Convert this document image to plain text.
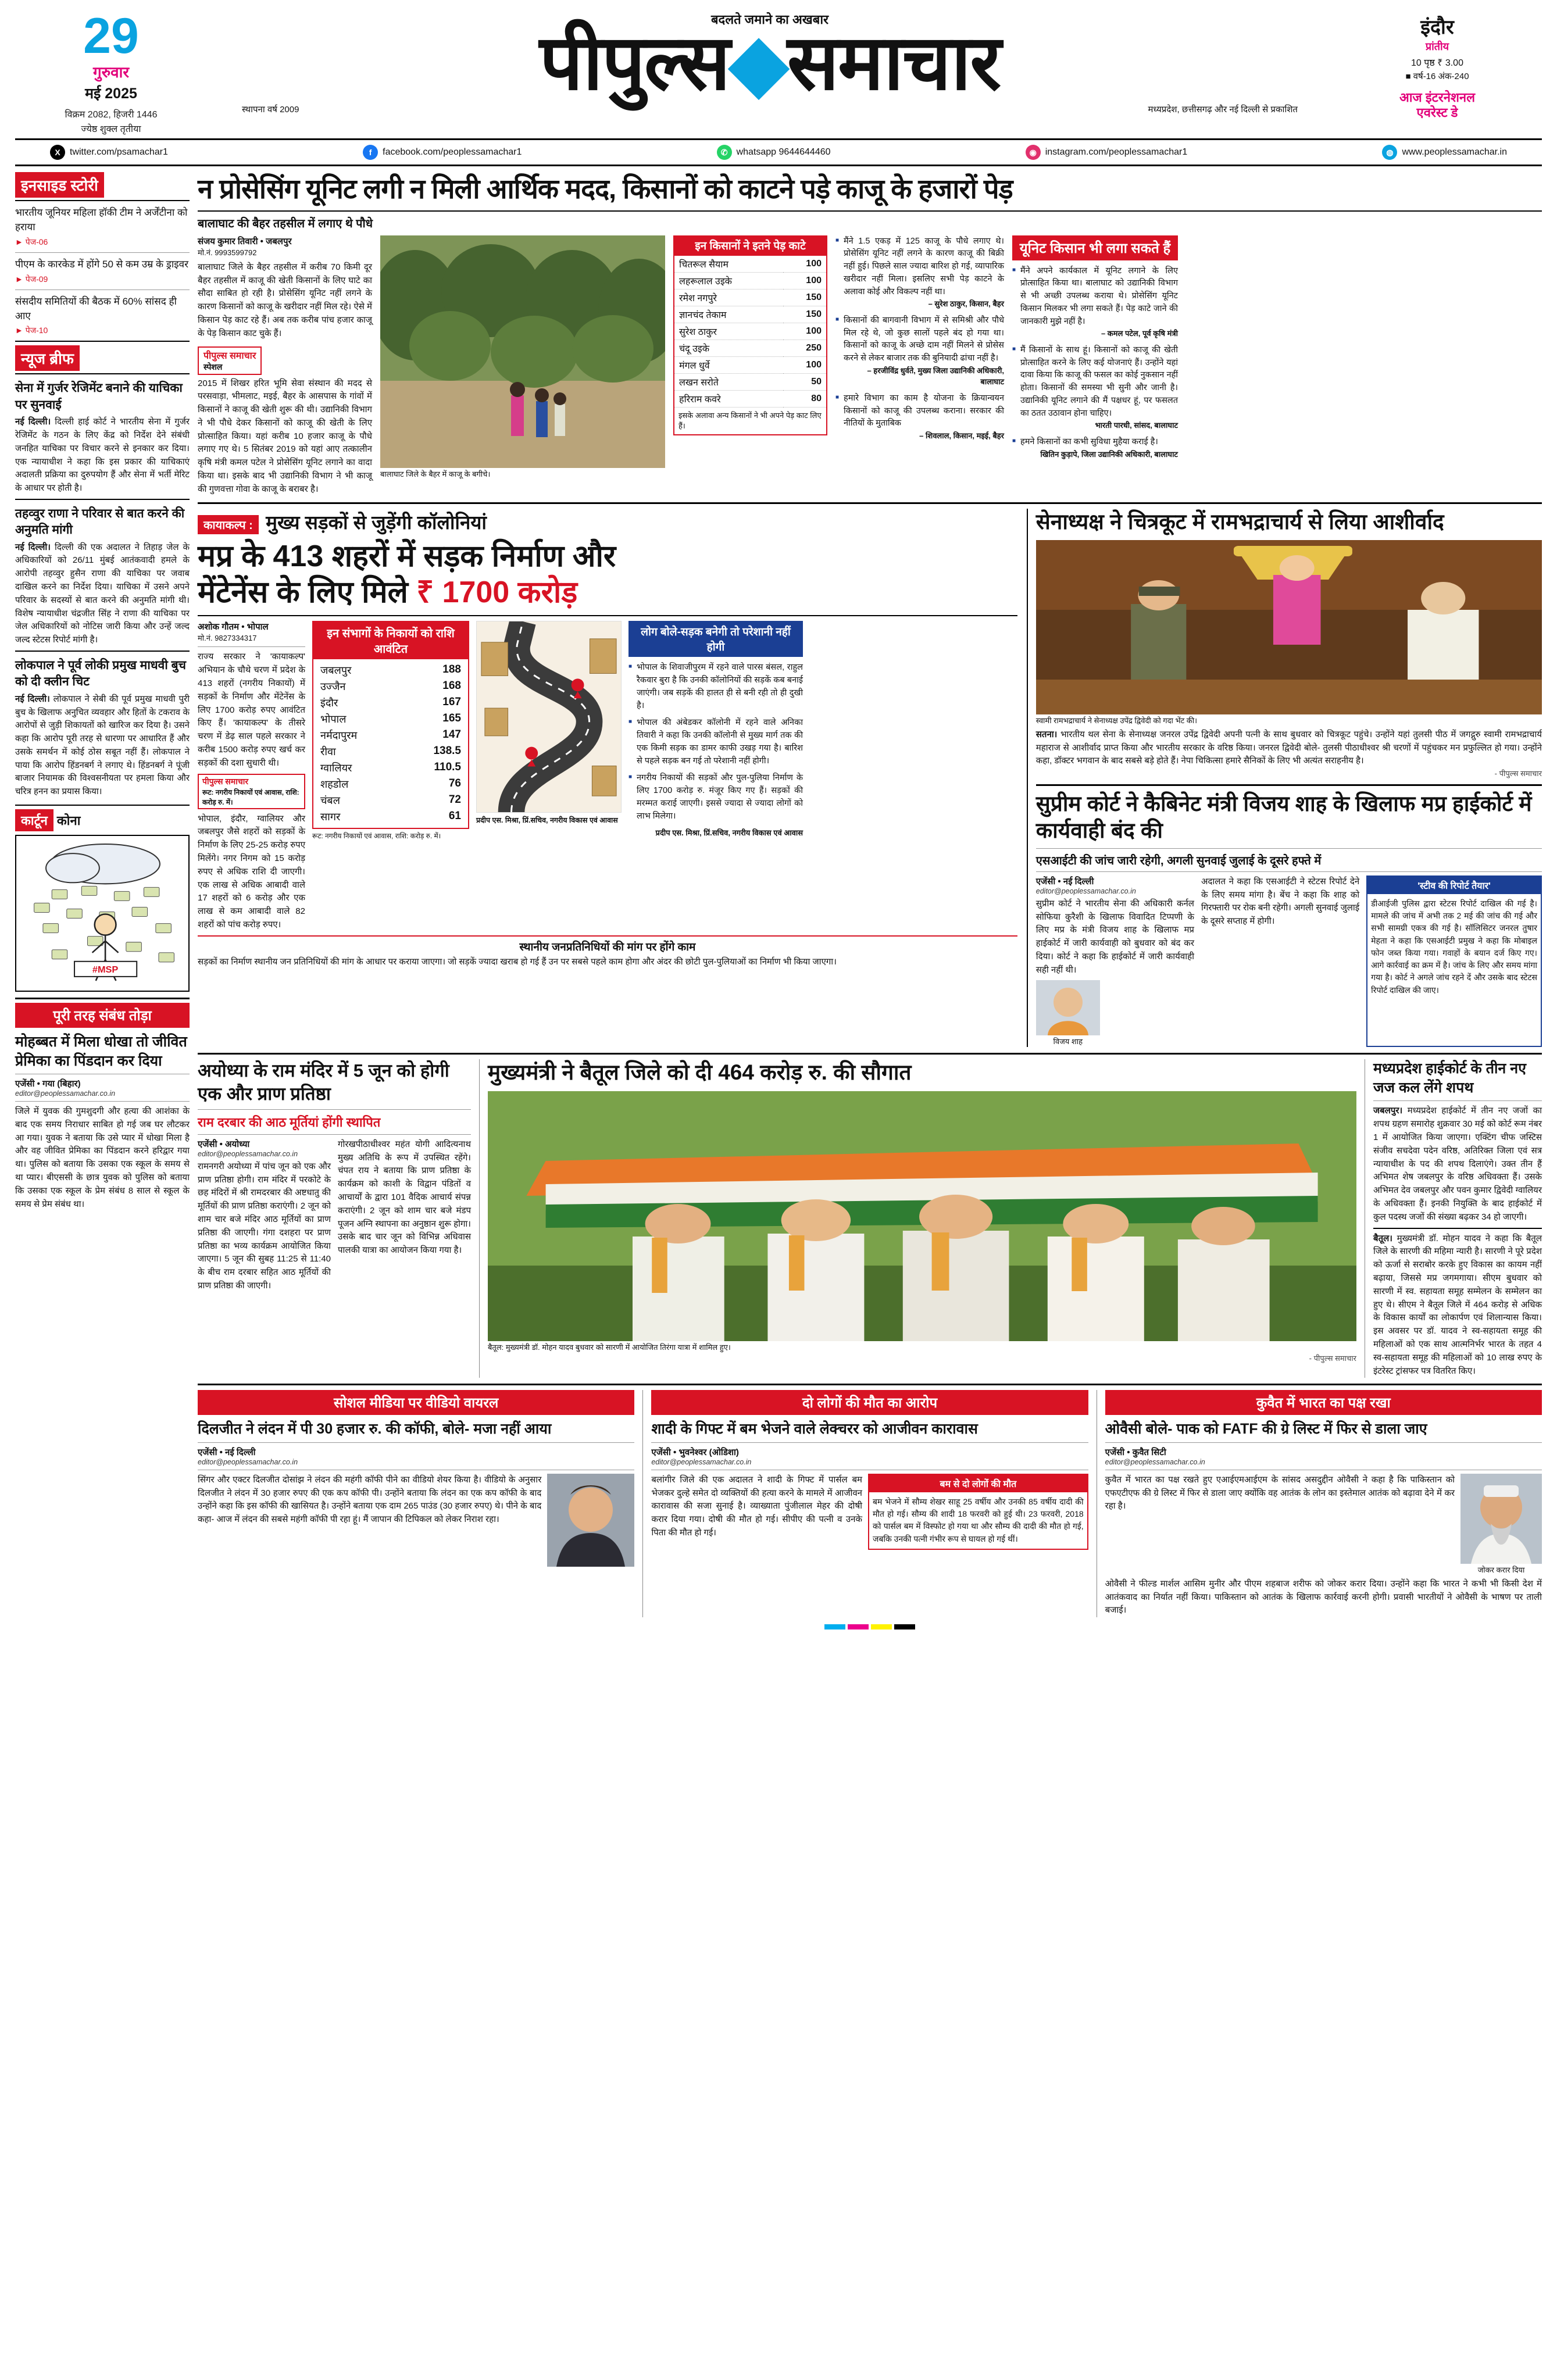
29
गुरुवार
मई 2025
विक्रम 2082, हिजरी 1446
ज्येष्ठ शुक्ल तृतीया
बदलते जमाने का अखबार
पीपुल्स◆समाचार
स्थापना वर्ष 2009	मध्यप्रदेश, छत्तीसगढ़ और नई दिल्ली से प्रकाशित
इंदौर
प्रांतीय
10 पृष्ठ ₹ 3.00
■ वर्ष-16 अंक-240
आज इंटरनेशनल
एवरेस्ट डे
X	twitter.com/psamachar1	f	facebook.com/peoplessamachar1	✆ whatsapp 9644644460	◉ instagram.com/peoplessamachar1	◍ www.peoplessamachar.in
इनसाइड स्टोरी
भारतीय जूनियर महिला हॉकी टीम ने अर्जेंटीना को हराया
► पेज-06
पीएम के कारकेड में होंगे 50 से कम उम्र के ड्राइवर
► पेज-09
संसदीय समितियों की बैठक में 60% सांसद ही आए
► पेज-10
न्यूज ब्रीफ
सेना में गुर्जर रेजिमेंट बनाने की याचिका पर सुनवाई
नई दिल्ली। दिल्ली हाई कोर्ट ने भारतीय सेना में गुर्जर रेजिमेंट के गठन के लिए केंद्र को निर्देश देने संबंधी जनहित याचिका पर विचार करने से इनकार कर दिया। एक न्यायाधीश ने कहा कि इस प्रकार की याचिकाएं अदालती प्रक्रिया का दुरुपयोग हैं और सेना में भर्ती मेरिट के आधार पर होती है।
तहव्वुर राणा ने परिवार से बात करने की अनुमति मांगी
नई दिल्ली। दिल्ली की एक अदालत ने तिहाड़ जेल के अधिकारियों को 26/11 मुंबई आतंकवादी हमले के आरोपी तहव्वुर हुसैन राणा की याचिका पर जवाब दाखिल करने का निर्देश दिया। याचिका में उसने अपने परिवार के सदस्यों से बात करने की अनुमति मांगी थी। विशेष न्यायाधीश चंद्रजीत सिंह ने राणा की याचिका पर जेल अधिकारियों को नोटिस जारी किया और उन्हें जल्द जल्द स्टेटस रिपोर्ट मांगी है।
लोकपाल ने पूर्व लोकी प्रमुख माधवी बुच को दी क्लीन चिट
नई दिल्ली। लोकपाल ने सेबी की पूर्व प्रमुख माधवी पुरी बुच के खिलाफ अनुचित व्यवहार और हितों के टकराव के आरोपों से जुड़ी शिकायतों को खारिज कर दिया है। उसने कहा कि आरोप पूरी तरह से धारणा पर आधारित हैं और उसके समर्थन में कोई ठोस सबूत नहीं हैं। लोकपाल ने पाया कि आरोप हिंडनबर्ग ने लगाए थे। हिंडनबर्ग ने पूंजी बाजार नियामक की विश्वसनीयता पर हमला किया और चरित्र हनन का प्रयास किया।
कार्टून कोना
#MSP
पूरी तरह संबंध तोड़ा
मोहब्बत में मिला धोखा तो जीवित प्रेमिका का पिंडदान कर दिया
एजेंसी • गया (बिहार)
editor@peoplessamachar.co.in
जिले में युवक की गुमशुदगी और हत्या की आशंका के बाद एक समय निराधार साबित हो गई जब घर लौटकर आ गया। युवक ने बताया कि उसे प्यार में धोखा मिला है और वह जीवित प्रेमिका का पिंडदान करने हरिद्वार गया था। पुलिस को बताया कि उसका एक स्कूल के समय से था प्यार। बीएससी के छात्र युवक को पुलिस को बताया कि उसका एक स्कूल के प्रेम संबंध 8 साल से स्कूल के समय से प्रेम संबंध था।
न प्रोसेसिंग यूनिट लगी न मिली आर्थिक मदद, किसानों को काटने पड़े काजू के हजारों पेड़
बालाघाट की बैहर तहसील में लगाए थे पौधे
संजय कुमार तिवारी • जबलपुर
मो.नं. 9993599792
बालाघाट जिले के बैहर तहसील में करीब 70 किमी दूर बैहर तहसील में काजू की खेती किसानों के लिए घाटे का सौदा साबित हो रही है। प्रोसेसिंग यूनिट नहीं लगने के कारण किसानों को काजू के खरीदार नहीं मिल रहे। ऐसे में किसान पेड़ काट रहे हैं। अब तक करीब पांच हजार काजू के पेड़ किसान काट चुके हैं।
पीपुल्स समाचार
स्पेशल
2015 में शिखर हरित भूमि सेवा संस्थान की मदद से परसवाड़ा, भीमलाट, मइई, बैहर के आसपास के गांवों में किसानों ने काजू की खेती शुरू की थी। उद्यानिकी विभाग ने भी पौधे देकर किसानों को काजू की खेती के लिए प्रोत्साहित किया। यहां करीब 10 हजार काजू के पौधे लगाए गए थे। 5 सितंबर 2019 को यहां आए तत्कालीन कृषि मंत्री कमल पटेल ने प्रोसेसिंग यूनिट लगाने का वादा किया था। इसके बाद भी उद्यानिकी विभाग ने भी काजू की गुणवत्ता गोवा के काजू के बराबर है।
बालाघाट जिले के बैहर में काजू के बगीचे।
इन किसानों ने इतने पेड़ काटे
चितरूल सैयाम	100
लहरूलाल उइके	100
रमेश नगपुरे	150
ज्ञानचंद तेकाम	150
सुरेश ठाकुर	100
चंदू उइके	250
मंगल धुर्वे	100
लखन सरोते	50
हरिराम कवरे	80
इसके अलावा अन्य किसानों ने भी अपने पेड़ काट लिए हैं।
■ मैंने 1.5 एकड़ में 125 काजू के पौधे लगाए थे। प्रोसेसिंग यूनिट नहीं लगने के कारण काजू की बिक्री नहीं हुई। पिछले साल ज्यादा बारिश हो गई, व्यापारिक खरीदार नहीं मिला। इसलिए सभी पेड़ काटने के अलावा कोई और विकल्प नहीं था।
– सुरेश ठाकुर, किसान, बैहर
■ किसानों की बागवानी विभाग में से समिश्री और पौधे मिल रहे थे, जो कुछ सालों पहले बंद हो गया था। किसानों को काजू के अच्छे दाम नहीं मिलने से प्रोसेस करने से लेकर बाजार तक की बुनियादी ढांचा नहीं है।
– हरजीविंद्र धुर्वते, मुख्य जिला उद्यानिकी अधिकारी, बालाघाट
■ हमारे विभाग का काम है योजना के क्रियान्वयन किसानों को काजू की उपलब्ध कराना। सरकार की नीतियों के मुताबिक
– शिवलाल, किसान, मइई, बैहर
यूनिट किसान भी लगा सकते हैं
■ मैंने अपने कार्यकाल में यूनिट लगाने के लिए प्रोत्साहित किया था। बालाघाट को उद्यानिकी विभाग से भी अच्छी उपलब्ध कराया थे। प्रोसेसिंग यूनिट किसान मिलकर भी लगा सकते हैं। पेड़ काटे जाने की जानकारी मुझे नहीं है।
– कमल पटेल, पूर्व कृषि मंत्री
■ मैं किसानों के साथ हूं। किसानों को काजू की खेती प्रोत्साहित करने के लिए कई योजनाएं हैं। उन्होंने यहां दावा किया कि काजू की फसल का कोई नुकसान नहीं होता। किसानों की समस्या भी सुनी और जानी है। उद्यानिकी यूनिट लगाने की मैं पक्षधर हूं, पर फसलत का ठतत उठावान होना चाहिए।
भारती पारधी, सांसद, बालाघाट
■ हमने किसानों का कभी सुविधा मुहैया कराई है।
खितिन कुड़ापे, जिला उद्यानिकी अधिकारी, बालाघाट
कायाकल्प : मुख्य सड़कों से जुड़ेंगी कॉलोनियां
मप्र के 413 शहरों में सड़क निर्माण और
मेंटेनेंस के लिए मिले ₹ 1700 करोड़
अशोक गौतम • भोपाल
मो.नं. 9827334317
राज्य सरकार ने 'कायाकल्प' अभियान के चौथे चरण में प्रदेश के 413 शहरों (नगरीय निकायों) में सड़कों के निर्माण और मेंटेनेंस के लिए 1700 करोड़ रुपए आवंटित किए हैं। 'कायाकल्प' के तीसरे चरण में डेढ़ साल पहले सरकार ने करीब 1500 करोड़ रुपए खर्च कर सड़कों की दशा सुधारी थी।
पीपुल्स समाचार
रूट: नगरीय निकायों एवं आवास, राशि: करोड़ रु. में।
भोपाल, इंदौर, ग्वालियर और जबलपुर जैसे शहरों को सड़कों के निर्माण के लिए 25-25 करोड़ रुपए मिलेंगे। नगर निगम को 15 करोड़ रुपए से अधिक राशि दी जाएगी। एक लाख से अधिक आबादी वाले 17 शहरों को 6 करोड़ और एक लाख से कम आबादी वाले 82 शहरों को पांच करोड़ रुपए।
इन संभागों के निकायों को राशि आवंटित
जबलपुर	188
उज्जैन	168
इंदौर	167
भोपाल	165
नर्मदापुरम	147
रीवा	138.5
ग्वालियर	110.5
शहडोल	76
चंबल	72
सागर	61
रूट: नगरीय निकायों एवं आवास, राशि: करोड़ रु. में।
प्रदीप एस. मिश्रा, प्रिं.सचिव, नगरीय विकास एवं आवास
लोग बोले-सड़क बनेगी तो परेशानी नहीं होगी
■ भोपाल के शिवाजीपुरम में रहने वाले पारस बंसल, राहुल रैकवार बुरा है कि उनकी कॉलोनियों की सड़कें कब बनाई जाएंगी। जब सड़कें की हालत ही से बनी रही तो ही दुखी है।
■ भोपाल की अंबेडकर कॉलोनी में रहने वाले अनिका तिवारी ने कहा कि उनकी कॉलोनी से मुख्य मार्ग तक की एक किमी सड़क का डामर काफी उखड़ गया है। बारिश से पहले सड़क बन गई तो परेशानी नहीं होगी।
■ नगरीय निकायों की सड़कों और पुल-पुलिया निर्माण के लिए 1700 करोड़ रु. मंजूर किए गए हैं। सड़कों की मरम्मत कराई जाएगी। इससे ज्यादा से ज्यादा लोगों को लाभ मिलेगा।
प्रदीप एस. मिश्रा, प्रिं.सचिव, नगरीय विकास एवं आवास
स्थानीय जनप्रतिनिधियों की मांग पर होंगे काम
सड़कों का निर्माण स्थानीय जन प्रतिनिधियों की मांग के आधार पर कराया जाएगा। जो सड़कें ज्यादा खराब हो गई हैं उन पर सबसे पहले काम होगा और अंदर की छोटी पुल-पुलियाओं का निर्माण भी किया जाएगा।
सेनाध्यक्ष ने चित्रकूट में रामभद्राचार्य से लिया आशीर्वाद
स्वामी रामभद्राचार्य ने सेनाध्यक्ष उपेंद्र द्विवेदी को गदा भेंट की।
सतना। भारतीय थल सेना के सेनाध्यक्ष जनरल उपेंद्र द्विवेदी अपनी पत्नी के साथ बुधवार को चित्रकूट पहुंचे। उन्होंने यहां तुलसी पीठ में जगद्गुरु स्वामी रामभद्राचार्य महाराज से आशीर्वाद प्राप्त किया और भारतीय सरकार के वरिष्ठ किया। जनरल द्विवेदी बोले- तुलसी पीठाधीश्वर श्री चरणों में पहुंचकर मन प्रफुल्लित हो गया। उन्होंने कहा, डॉक्टर भगवान के बाद सबसे बड़े होते हैं। नेपा चिकित्सा हमारे सैनिकों के लिए भी अत्यंत सराहनीय है।
- पीपुल्स समाचार
सुप्रीम कोर्ट ने कैबिनेट मंत्री विजय शाह के खिलाफ मप्र हाईकोर्ट में कार्यवाही बंद की
एसआईटी की जांच जारी रहेगी, अगली सुनवाई जुलाई के दूसरे हफ्ते में
एजेंसी • नई दिल्ली
editor@peoplessamachar.co.in
सुप्रीम कोर्ट ने भारतीय सेना की अधिकारी कर्नल सोफिया कुरैशी के खिलाफ विवादित टिप्पणी के लिए मप्र के मंत्री विजय शाह के खिलाफ मप्र हाईकोर्ट में जारी कार्यवाही को बुधवार को बंद कर दिया। कोर्ट ने कहा कि हाईकोर्ट में जारी कार्यवाही सही नहीं थी।
विजय शाह
अदालत ने कहा कि एसआईटी ने स्टेटस रिपोर्ट देने के लिए समय मांगा है। बेंच ने कहा कि शाह को गिरफ्तारी पर रोक बनी रहेगी। अगली सुनवाई जुलाई के दूसरे सप्ताह में होगी।
'स्टीव की रिपोर्ट तैयार'
डीआईजी पुलिस द्वारा स्टेटस रिपोर्ट दाखिल की गई है। मामले की जांच में अभी तक 2 मई की जांच की गई और सभी सामग्री एकत्र की गई है। सॉलिसिटर जनरल तुषार मेहता ने कहा कि एसआईटी प्रमुख ने कहा कि मोबाइल फोन जब्त किया गया। गवाहों के बयान दर्ज किए गए। आगे कार्रवाई का क्रम में है। जांच के लिए और समय मांगा गया है। कोर्ट ने अगले जांच रहने दें और उसके बाद स्टेटस रिपोर्ट दाखिल की जाए।
अयोध्या के राम मंदिर में 5 जून को होगी एक और प्राण प्रतिष्ठा
राम दरबार की आठ मूर्तियां होंगी स्थापित
एजेंसी • अयोध्या
editor@peoplessamachar.co.in
रामनगरी अयोध्या में पांच जून को एक और प्राण प्रतिष्ठा होगी। राम मंदिर में परकोटे के छह मंदिरों में श्री रामदरबार की अष्टधातु की मूर्तियों की प्राण प्रतिष्ठा कराएंगी। 2 जून को शाम चार बजे मंदिर आठ मूर्तियों का प्राण प्रतिष्ठा की जाएगी। गंगा दशहरा पर प्राण प्रतिष्ठा का भव्य कार्यक्रम आयोजित किया जाएगा। 5 जून की सुबह 11:25 से 11:40 के बीच राम दरबार सहित आठ मूर्तियों की प्राण प्रतिष्ठा की जाएगी।
गोरखपीठाधीश्वर महंत योगी आदित्यनाथ मुख्य अतिथि के रूप में उपस्थित रहेंगे। चंपत राय ने बताया कि प्राण प्रतिष्ठा के कार्यक्रम को काशी के विद्वान पंडितों व आचार्यों के द्वारा 101 वैदिक आचार्य संपन्न कराएंगी। 2 जून को शाम चार बजे मंडप पूजन अग्नि स्थापना का अनुष्ठान शुरू होगा। उसके बाद चार जून को विभिन्न अधिवास पालकी यात्रा का आयोजन किया गया है।
मुख्यमंत्री ने बैतूल जिले को दी 464 करोड़ रु. की सौगात
बैतूल: मुख्यमंत्री डॉ. मोहन यादव बुधवार को सारणी में आयोजित तिरंगा यात्रा में शामिल हुए।
- पीपुल्स समाचार
मध्यप्रदेश हाईकोर्ट के तीन नए जज कल लेंगे शपथ
जबलपुर। मध्यप्रदेश हाईकोर्ट में तीन नए जजों का शपथ ग्रहण समारोह शुक्रवार 30 मई को कोर्ट रूम नंबर 1 में आयोजित किया जाएगा। एक्टिंग चीफ जस्टिस संजीव सचदेवा पदेन वरिष्ठ, अतिरिक्त जिला एवं सत्र न्यायाधीश के पद की शपथ दिलाएंगे। उक्त तीन हैं अभिमत शेष जबलपुर के वरिष्ठ अधिवक्ता हैं। उसके अभिमत देव जबलपुर और पवन कुमार द्विवेदी ग्वालियर के अधिवक्ता हैं। इनकी नियुक्ति के बाद हाईकोर्ट में कुल पदस्थ जजों की संख्या बढ़कर 34 हो जाएगी।
बैतूल। मुख्यमंत्री डॉ. मोहन यादव ने कहा कि बैतूल जिले के सारणी की महिमा न्यारी है। सारणी ने पूरे प्रदेश को ऊर्जा से सराबोर करके हुए विकास का कायम नहीं बढ़ाया, जिससे मप्र जगमगाया। सीएम बुधवार को सारणी में स्व. सहायता समूह सम्मेलन के सम्मेलन का हुए थे। सीएम ने बैतूल जिले में 464 करोड़ से अधिक के विकास कार्यों का लोकार्पण एवं शिलान्यास किया। इस अवसर पर डॉ. यादव ने स्व-सहायता समूह की महिलाओं को एक साथ आत्मनिर्भर भारत के तहत 4 स्व-सहायता समूह की महिलाओं को 10 लाख रुपए के इंटरेस्ट ट्रांसफर पत्र वितरित किए।
सोशल मीडिया पर वीडियो वायरल
दिलजीत ने लंदन में पी 30 हजार रु. की कॉफी, बोले- मजा नहीं आया
एजेंसी • नई दिल्ली
editor@peoplessamachar.co.in
सिंगर और एक्टर दिलजीत दोसांझ ने लंदन की महंगी कॉफी पीने का वीडियो शेयर किया है। वीडियो के अनुसार दिलजीत ने लंदन में 30 हजार रुपए की एक कप कॉफी पी। उन्होंने बताया कि लंदन का एक कप कॉफी के बाद उन्होंने कहा कि इस कॉफी की खासियत है। उन्होंने बताया एक दाम 265 पाउंड (30 हजार रुपए) थे। पीने के बाद कहा- आज में लंदन की सबसे महंगी कॉफी पी रहा हूं। मैं जापान की टिपिकल को लेकर निराश रहा।
दो लोगों की मौत का आरोप
शादी के गिफ्ट में बम भेजने वाले लेक्चरर को आजीवन कारावास
एजेंसी • भुवनेश्वर (ओडिशा)
editor@peoplessamachar.co.in
बलांगीर जिले की एक अदालत ने शादी के गिफ्ट में पार्सल बम भेजकर दुल्हे समेत दो व्यक्तियों की हत्या करने के मामले में आजीवन कारावास की सजा सुनाई है। व्याख्याता पुंजीलाल मेहर की दोषी करार दिया गया। दोषी की मौत हो गई। सीपीए की पत्नी व उनके पिता की मौत हो गई।
बम से दो लोगों की मौत
बम भेजने में सौम्य शेखर साहू 25 वर्षीय और उनकी 85 वर्षीय दादी की मौत हो गई। सौम्य की शादी 18 फरवरी को हुई थी। 23 फरवरी, 2018 को पार्सल बम में विस्फोट हो गया था और सौम्य की दादी की मौत हो गई, जबकि उनकी पत्नी गंभीर रूप से घायल हो गई थीं।
कुवैत में भारत का पक्ष रखा
ओवैसी बोले- पाक को FATF की ग्रे लिस्ट में फिर से डाला जाए
एजेंसी • कुवैत सिटी
editor@peoplessamachar.co.in
कुवैत में भारत का पक्ष रखते हुए एआईएमआईएम के सांसद असदुद्दीन ओवैसी ने कहा है कि पाकिस्तान को एफएटीएफ की ग्रे लिस्ट में फिर से डाला जाए क्योंकि वह आतंक के लोन का इस्तेमाल आतंक को बढ़ावा देने में कर रहा है।
जोकर करार दिया
ओवैसी ने फील्ड मार्शल आसिम मुनीर और पीएम शहबाज शरीफ को जोकर करार दिया। उन्होंने कहा कि भारत ने कभी भी किसी देश में आतंकवाद का निर्यात नहीं किया। पाकिस्तान को आतंक के खिलाफ कार्रवाई करनी होगी। प्रवासी भारतीयों ने ओवैसी के भाषण पर ताली बजाई।
